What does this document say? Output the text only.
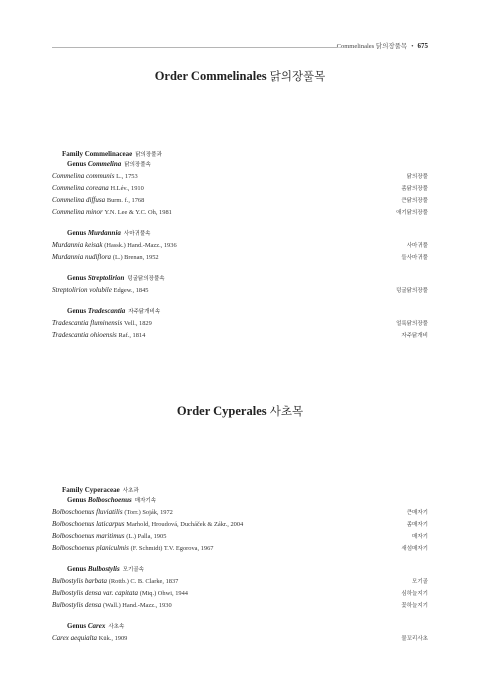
Commelinales 닭의장풀목 • 675
Order Commelinales 닭의장풀목
Family Commelinaceae 닭의장풀과
Genus Commelina 닭의장풀속
Commelina communis L., 1753	닭의장풀
Commelina coreana H.Lév., 1910	좀닭의장풀
Commelina diffusa Burm. f., 1768	큰닭의장풀
Commelina minor Y.N. Lee & Y.C. Oh, 1981	애기닭의장풀
Genus Murdannia 사마귀풀속
Murdannia keisak (Hassk.) Hand.-Mazz., 1936	사마귀풀
Murdannia nudiflora (L.) Brenan, 1952	들사마귀풀
Genus Streptolirion 덩굴닭의장풀속
Streptolirion volubile Edgew., 1845	덩굴닭의장풀
Genus Tradescantia 자주닭개비속
Tradescantia fluminensis Vell., 1829	얼룩닭의장풀
Tradescantia ohioensis Raf., 1814	자주닭개비
Order Cyperales 사초목
Family Cyperaceae 사초과
Genus Bolboschoenus 매자기속
Bolboschoenus fluviatilis (Torr.) Soják, 1972	큰매자기
Bolboschoenus laticarpus Marhold, Hroudová, Ducháček & Zákr., 2004	좀매자기
Bolboschoenus maritimus (L.) Palla, 1905	매자기
Bolboschoenus planiculmis (F. Schmidt) T.V. Egorova, 1967	새섬매자기
Genus Bulbostylis 모기골속
Bulbostylis barbata (Rottb.) C. B. Clarke, 1837	모기골
Bulbostylis densa var. capitata (Miq.) Ohwi, 1944	심하늘지기
Bulbostylis densa (Wall.) Hand.-Mazz., 1930	꽃하늘지기
Genus Carex 사초속
Carex aequialta Kük., 1909	물꼬리사초
